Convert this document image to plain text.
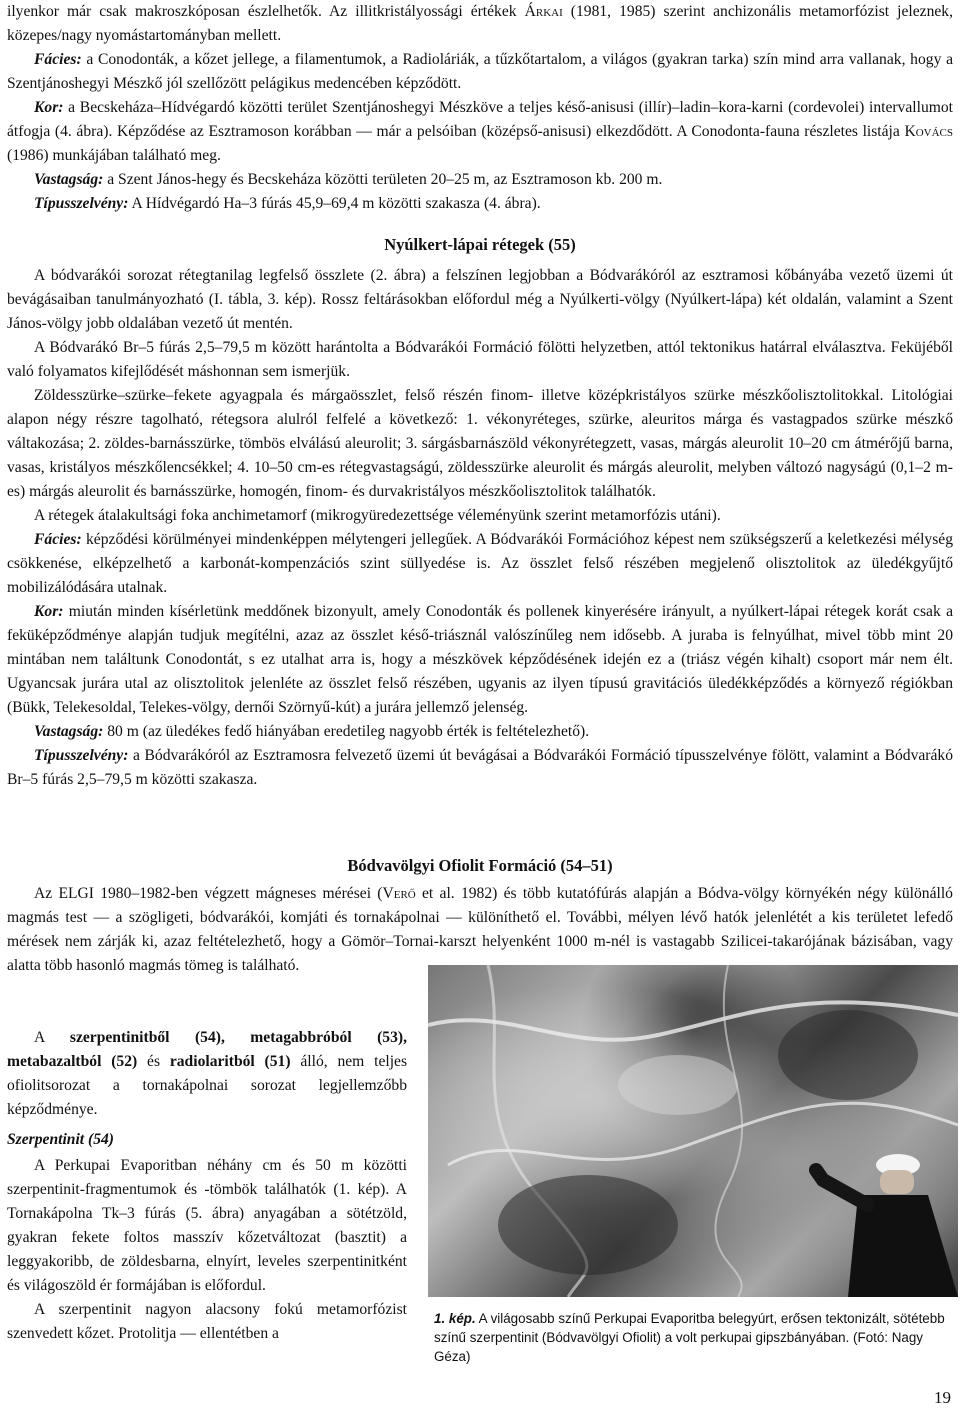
ilyenkor már csak makroszkóposan észlelhetők. Az illitkristályossági értékek Árkai (1981, 1985) szerint anchizonális metamorfózist jeleznek, közepes/nagy nyomástartományban mellett.

Fácies: a Conodonták, a kőzet jellege, a filamentumok, a Radioláriák, a tűzkőtartalom, a világos (gyakran tarka) szín mind arra vallanak, hogy a Szentjánoshegyi Mészkő jól szellőzött pelágikus medencében képződött.

Kor: a Becskeháza–Hídvégardó közötti terület Szentjánoshegyi Mészköve a teljes késő-anisusi (illír)–ladin–kora-karni (cordevolei) intervallumot átfogja (4. ábra). Képződése az Esztramoson korábban — már a pelsóiban (középső-anisusi) elkezdődött. A Conodonta-fauna részletes listája Kovács (1986) munkájában található meg.

Vastagság: a Szent János-hegy és Becskeháza közötti területen 20–25 m, az Esztramoson kb. 200 m.

Típusszelvény: A Hídvégardó Ha–3 fúrás 45,9–69,4 m közötti szakasza (4. ábra).

Nyúlkert-lápai rétegek (55)

A bódvarákói sorozat rétegtanilag legfelső összlete (2. ábra) a felszínen legjobban a Bódvarákóról az esztramosi kőbányába vezető üzemi út bevágásaiban tanulmányozható (I. tábla, 3. kép). Rossz feltárásokban előfordul még a Nyúlkerti-völgy (Nyúlkert-lápa) két oldalán, valamint a Szent János-völgy jobb oldalában vezető út mentén.

A Bódvarákó Br–5 fúrás 2,5–79,5 m között harántolta a Bódvarákói Formáció fölötti helyzetben, attól tektonikus határral elválasztva. Feküjéből való folyamatos kifejlődését máshonnan sem ismerjük.

Zöldesszürke–szürke–fekete agyagpala és márgaösszlet, felső részén finom- illetve középkristályos szürke mészkőolisztolitokkal. Litológiai alapon négy részre tagolható, rétegsora alulról felfelé a következő: 1. vékonyréteges, szürke, aleuritos márga és vastagpados szürke mészkő váltakozása; 2. zöldes-barnásszürke, tömbös elválású aleurolit; 3. sárgásbarnászöld vékonyrétegzett, vasas, márgás aleurolit 10–20 cm átmérőjű barna, vasas, kristályos mészkőlencsékkel; 4. 10–50 cm-es rétegvastagságú, zöldesszürke aleurolit és márgás aleurolit, melyben változó nagyságú (0,1–2 m-es) márgás aleurolit és barnásszürke, homogén, finom- és durvakristályos mészkőolisztolitok találhatók.

A rétegek átalakultsági foka anchimetamorf (mikrogyüredezettsége véleményünk szerint metamorfózis utáni).

Fácies: képződési körülményei mindenképpen mélytengeri jellegűek. A Bódvarákói Formációhoz képest nem szükségszerű a keletkezési mélység csökkenése, elképzelhető a karbonát-kompenzációs szint süllyedése is. Az összlet felső részében megjelenő olisztolitok az üledékgyűjtő mobilizálódására utalnak.

Kor: miután minden kísérletünk meddőnek bizonyult, amely Conodonták és pollenek kinyerésére irányult, a nyúlkert-lápai rétegek korát csak a feküképződménye alapján tudjuk megítélni, azaz az összlet késő-triásznál valószínűleg nem idősebb. A juraba is felnyúlhat, mivel több mint 20 mintában nem találtunk Conodontát, s ez utalhat arra is, hogy a mészkövek képződésének idején ez a (triász végén kihalt) csoport már nem élt. Ugyancsak jurára utal az olisztolitok jelenléte az összlet felső részében, ugyanis az ilyen típusú gravitációs üledékképződés a környező régiókban (Bükk, Telekesoldal, Telekes-völgy, dernői Szörnyű-kút) a jurára jellemző jelenség.

Vastagság: 80 m (az üledékes fedő hiányában eredetileg nagyobb érték is feltételezhető).

Típusszelvény: a Bódvarákóról az Esztramosra felvezető üzemi út bevágásai a Bódvarákói Formáció típusszelvénye fölött, valamint a Bódvarákó Br–5 fúrás 2,5–79,5 m közötti szakasza.

Bódvavölgyi Ofiolit Formáció (54–51)

Az ELGI 1980–1982-ben végzett mágneses mérései (Verő et al. 1982) és több kutatófúrás alapján a Bódva-völgy környékén négy különálló magmás test — a szögligeti, bódvarákói, komjáti és tornakápolnai — különíthető el. További, mélyen lévő hatók jelenlétét a kis területet lefedő mérések nem zárják ki, azaz feltételezhető, hogy a Gömör–Tornai-karszt helyenként 1000 m-nél is vastagabb Szilicei-takarójának bázisában, vagy alatta több hasonló magmás tömeg is található.

A szerpentinitből (54), metagabbróból (53), metabazaltból (52) és radiolaritból (51) álló, nem teljes ofiolitsorozat a tornakápolnai sorozat legjellemzőbb képződménye.

Szerpentinit (54)

A Perkupai Evaporitban néhány cm és 50 m közötti szerpentinit-fragmentumok és -tömbök találhatók (1. kép). A Tornakápolna Tk–3 fúrás (5. ábra) anyagában a sötétzöld, gyakran fekete foltos masszív kőzetváltozat (basztit) a leggyakoribb, de zöldesbarna, elnyírt, leveles szerpentinitként és világoszöld ér formájában is előfordul.

A szerpentinit nagyon alacsony fokú metamorfózist szenvedett kőzet. Protolitja — ellentétben a

1. kép. A világosabb színű Perkupai Evaporitba belegyúrt, erősen tektonizált, sötétebb színű szerpentinit (Bódvavölgyi Ofiolit) a volt perkupai gipszbányában. (Fotó: Nagy Géza)
19
